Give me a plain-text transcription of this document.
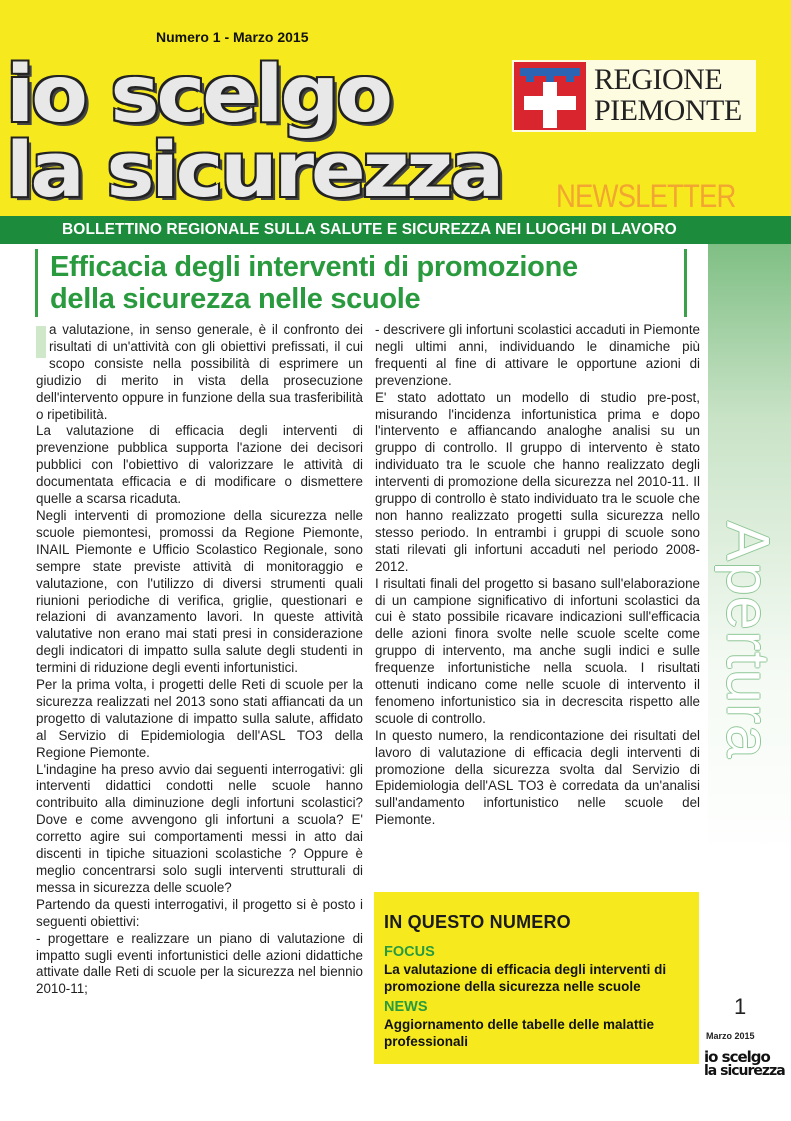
Numero 1 - Marzo 2015
io scelgo
la sicurezza
REGIONE
PIEMONTE
NEWSLETTER
BOLLETTINO REGIONALE SULLA SALUTE E SICUREZZA NEI LUOGHI DI LAVORO
Apertura
Efficacia degli interventi di promozione
della sicurezza nelle scuole

a valutazione, in senso generale, è il confronto dei risultati di un'attività con gli obiettivi prefissati, il cui scopo consiste nella possibilità di esprimere un giudizio di merito in vista della prosecuzione dell'intervento oppure in funzione della sua trasferibilità o ripetibilità.

La valutazione di efficacia degli interventi di prevenzione pubblica supporta l'azione dei decisori pubblici con l'obiettivo di valorizzare le attività di documentata efficacia e di modificare o dismettere quelle a scarsa ricaduta.

Negli interventi di promozione della sicurezza nelle scuole piemontesi, promossi da Regione Piemonte, INAIL Piemonte e Ufficio Scolastico Regionale, sono sempre state previste attività di monitoraggio e valutazione, con l'utilizzo di diversi strumenti quali riunioni periodiche di verifica, griglie, questionari e relazioni di avanzamento lavori. In queste attività valutative non erano mai stati presi in considerazione degli indicatori di impatto sulla salute degli studenti in termini di riduzione degli eventi infortunistici.

Per la prima volta, i progetti delle Reti di scuole per la sicurezza realizzati nel 2013 sono stati affiancati da un progetto di valutazione di impatto sulla salute, affidato al Servizio di Epidemiologia dell'ASL TO3 della Regione Piemonte.

L'indagine ha preso avvio dai seguenti interrogativi: gli interventi didattici condotti nelle scuole hanno contribuito alla diminuzione degli infortuni scolastici? Dove e come avvengono gli infortuni a scuola? E' corretto agire sui comportamenti messi in atto dai discenti in tipiche situazioni scolastiche ? Oppure è meglio concentrarsi solo sugli interventi strutturali di messa in sicurezza delle scuole?

Partendo da questi interrogativi, il progetto si è posto i seguenti obiettivi:

- progettare e realizzare un piano di valutazione di impatto sugli eventi infortunistici delle azioni didattiche attivate dalle Reti di scuole per la sicurezza nel biennio 2010-11;

- descrivere gli infortuni scolastici accaduti in Piemonte negli ultimi anni, individuando le dinamiche più frequenti al fine di attivare le opportune azioni di prevenzione.

E' stato adottato un modello di studio pre-post, misurando l'incidenza infortunistica prima e dopo l'intervento e affiancando analoghe analisi su un gruppo di controllo. Il gruppo di intervento è stato individuato tra le scuole che hanno realizzato degli interventi di promozione della sicurezza nel 2010-11. Il gruppo di controllo è stato individuato tra le scuole che non hanno realizzato progetti sulla sicurezza nello stesso periodo. In entrambi i gruppi di scuole sono stati rilevati gli infortuni accaduti nel periodo 2008-2012.

I risultati finali del progetto si basano sull'elaborazione di un campione significativo di infortuni scolastici da cui è stato possibile ricavare indicazioni sull'efficacia delle azioni finora svolte nelle scuole scelte come gruppo di intervento, ma anche sugli indici e sulle frequenze infortunistiche nella scuola. I risultati ottenuti indicano come nelle scuole di intervento il fenomeno infortunistico sia in decrescita rispetto alle scuole di controllo.

In questo numero, la rendicontazione dei risultati del lavoro di valutazione di efficacia degli interventi di promozione della sicurezza svolta dal Servizio di Epidemiologia dell'ASL TO3 è corredata da un'analisi sull'andamento infortunistico nelle scuole del Piemonte.

IN QUESTO NUMERO
FOCUS
La valutazione di efficacia degli interventi di promozione della sicurezza nelle scuole
NEWS
Aggiornamento delle tabelle delle malattie professionali
1
Marzo 2015
io scelgo
la sicurezza
